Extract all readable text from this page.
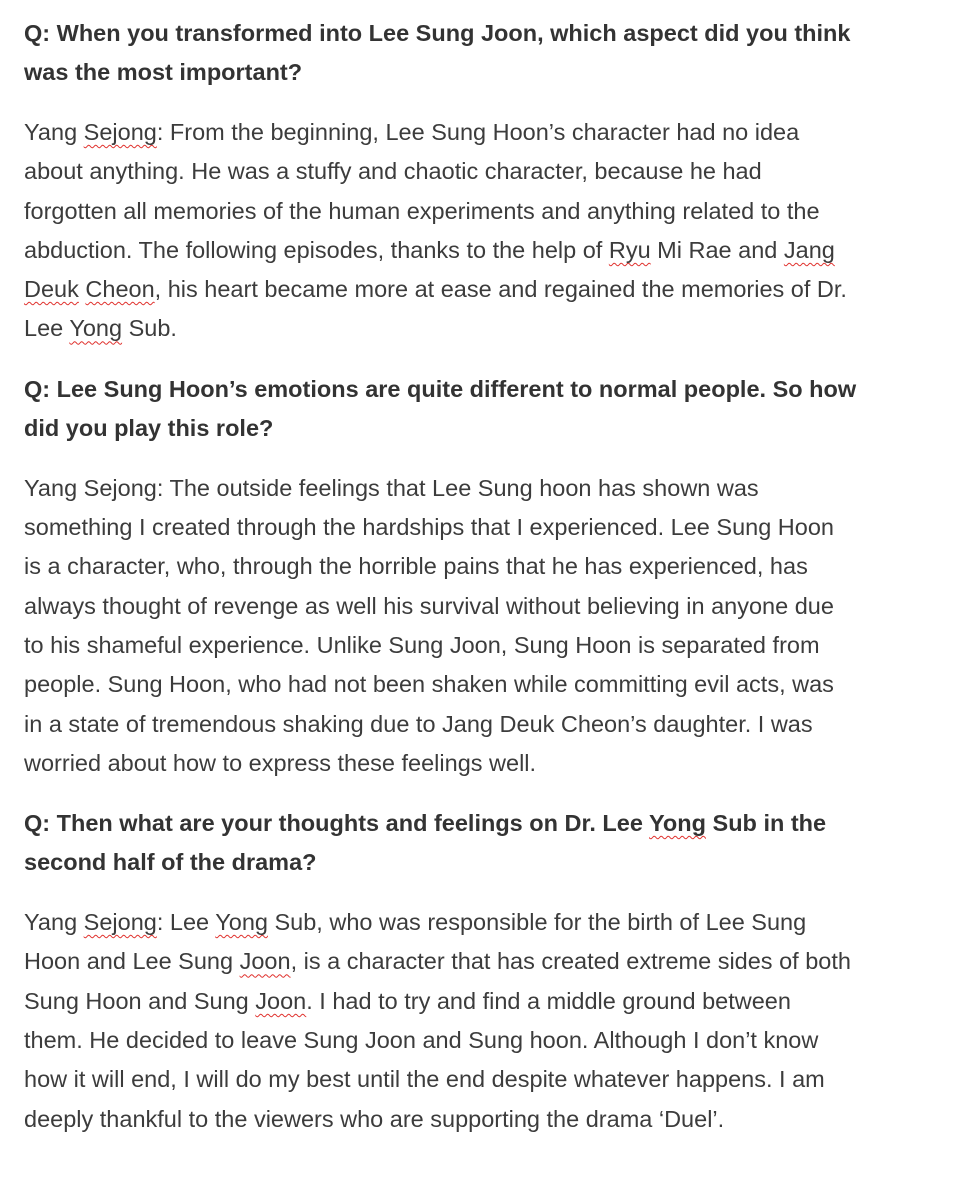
Q: When you transformed into Lee Sung Joon, which aspect did you think
was the most important?
Yang Sejong: From the beginning, Lee Sung Hoon’s character had no idea
about anything. He was a stuffy and chaotic character, because he had
forgotten all memories of the human experiments and anything related to the
abduction. The following episodes, thanks to the help of Ryu Mi Rae and Jang
Deuk Cheon, his heart became more at ease and regained the memories of Dr.
Lee Yong Sub.
Q: Lee Sung Hoon’s emotions are quite different to normal people. So how
did you play this role?
Yang Sejong: The outside feelings that Lee Sung hoon has shown was
something I created through the hardships that I experienced. Lee Sung Hoon
is a character, who, through the horrible pains that he has experienced, has
always thought of revenge as well his survival without believing in anyone due
to his shameful experience. Unlike Sung Joon, Sung Hoon is separated from
people. Sung Hoon, who had not been shaken while committing evil acts, was
in a state of tremendous shaking due to Jang Deuk Cheon’s daughter. I was
worried about how to express these feelings well.
Q: Then what are your thoughts and feelings on Dr. Lee Yong Sub in the
second half of the drama?
Yang Sejong: Lee Yong Sub, who was responsible for the birth of Lee Sung
Hoon and Lee Sung Joon, is a character that has created extreme sides of both
Sung Hoon and Sung Joon. I had to try and find a middle ground between
them. He decided to leave Sung Joon and Sung hoon. Although I don’t know
how it will end, I will do my best until the end despite whatever happens. I am
deeply thankful to the viewers who are supporting the drama ‘Duel’.
